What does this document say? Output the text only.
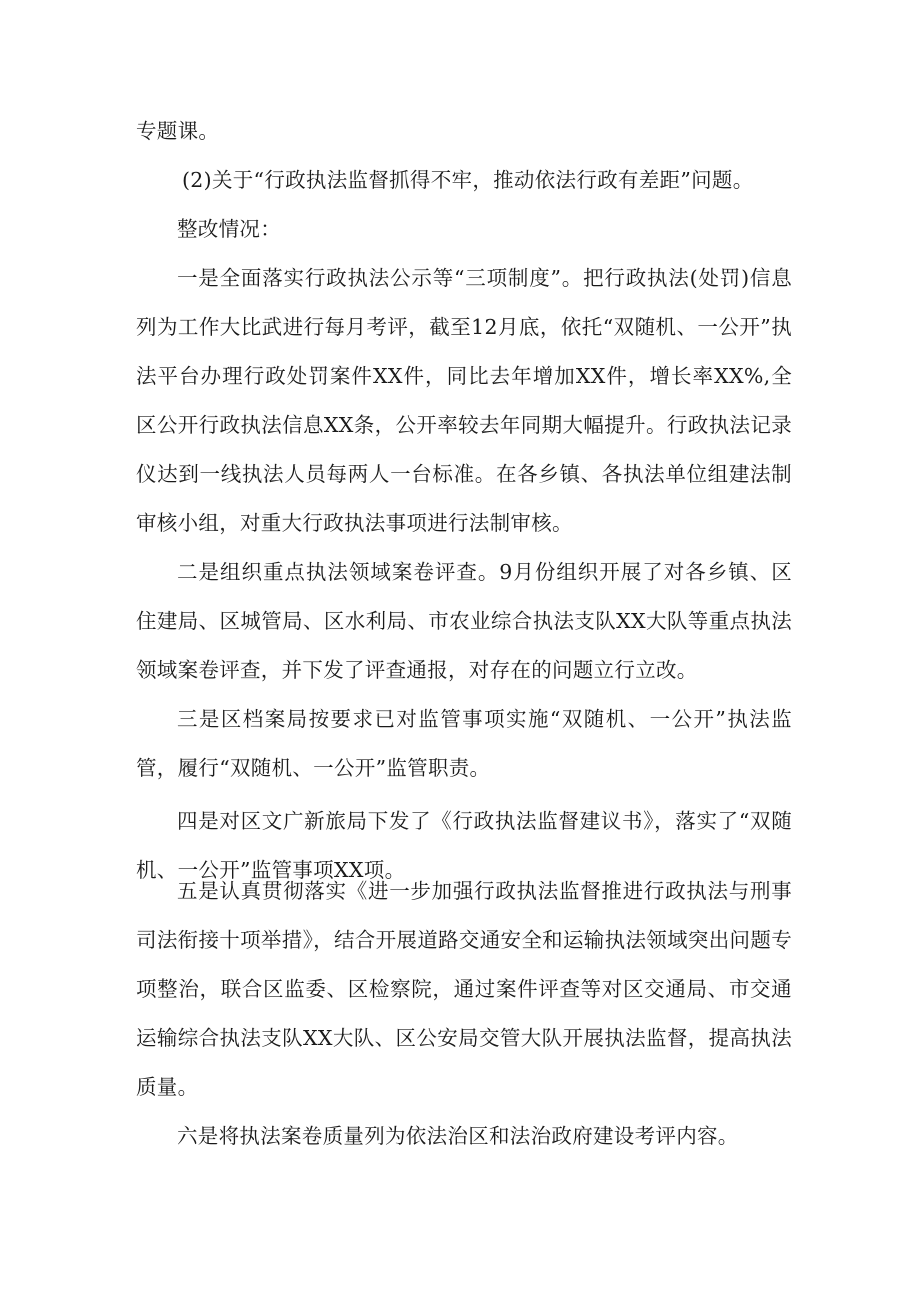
专题课。

(2)关于“行政执法监督抓得不牢，推动依法行政有差距”问题。

整改情况：

一是全面落实行政执法公示等“三项制度”。把行政执法(处罚)信息列为工作大比武进行每月考评，截至12月底，依托“双随机、一公开”执法平台办理行政处罚案件XX件，同比去年增加XX件，增长率XX%,全区公开行政执法信息XX条，公开率较去年同期大幅提升。行政执法记录仪达到一线执法人员每两人一台标准。在各乡镇、各执法单位组建法制审核小组，对重大行政执法事项进行法制审核。

二是组织重点执法领域案卷评查。9月份组织开展了对各乡镇、区住建局、区城管局、区水利局、市农业综合执法支队XX大队等重点执法领域案卷评查，并下发了评查通报，对存在的问题立行立改。

三是区档案局按要求已对监管事项实施“双随机、一公开”执法监管，履行“双随机、一公开”监管职责。

四是对区文广新旅局下发了《行政执法监督建议书》，落实了“双随机、一公开”监管事项XX项。

五是认真贯彻落实《进一步加强行政执法监督推进行政执法与刑事司法衔接十项举措》，结合开展道路交通安全和运输执法领域突出问题专项整治，联合区监委、区检察院，通过案件评查等对区交通局、市交通运输综合执法支队XX大队、区公安局交管大队开展执法监督，提高执法质量。

六是将执法案卷质量列为依法治区和法治政府建设考评内容。
